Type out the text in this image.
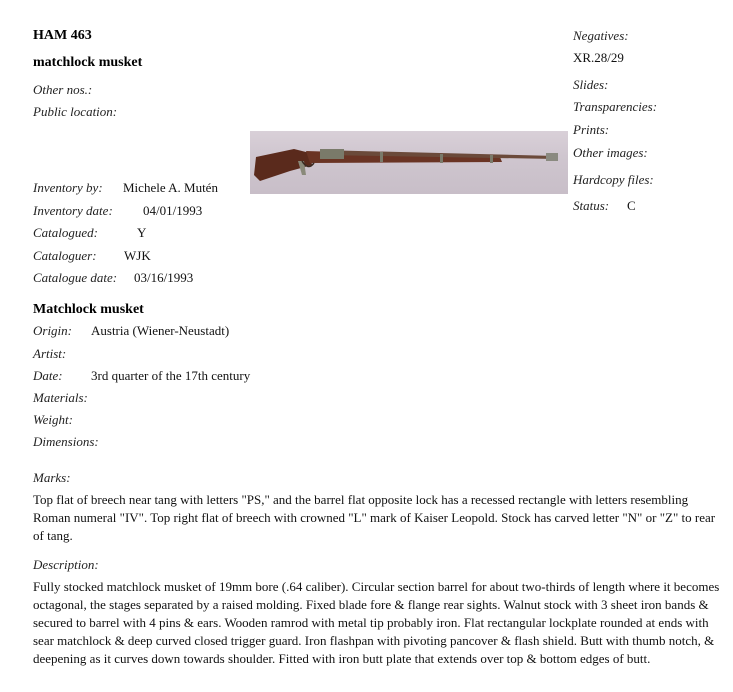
HAM 463
matchlock musket
Other nos.:
Public location:
Inventory by: Michele A. Mutén
Inventory date: 04/01/1993
Catalogued:	Y
Cataloguer: WJK
Catalogue date: 03/16/1993
Negatives:
XR.28/29
Slides:
Transparencies:
Prints:
Other images:
Hardcopy files:
Status: C
Matchlock musket
Origin: Austria (Wiener-Neustadt)
Artist:
Date: 3rd quarter of the 17th century
Materials:
Weight:
Dimensions:
Marks:
Top flat of breech near tang with letters "PS," and the barrel flat opposite lock has a recessed rectangle with letters resembling Roman numeral "IV". Top right flat of breech with crowned "L" mark of Kaiser Leopold. Stock has carved letter "N" or "Z" to rear of tang.
Description:
Fully stocked matchlock musket of 19mm bore (.64 caliber). Circular section barrel for about two-thirds of length where it becomes octagonal, the stages separated by a raised molding. Fixed blade fore & flange rear sights. Walnut stock with 3 sheet iron bands & secured to barrel with 4 pins & ears. Wooden ramrod with metal tip probably iron. Flat rectangular lockplate rounded at ends with sear matchlock & deep curved closed trigger guard. Iron flashpan with pivoting pancover & flash shield. Butt with thumb notch, & deepening as it curves down towards shoulder. Fitted with iron butt plate that extends over top & bottom edges of butt.
